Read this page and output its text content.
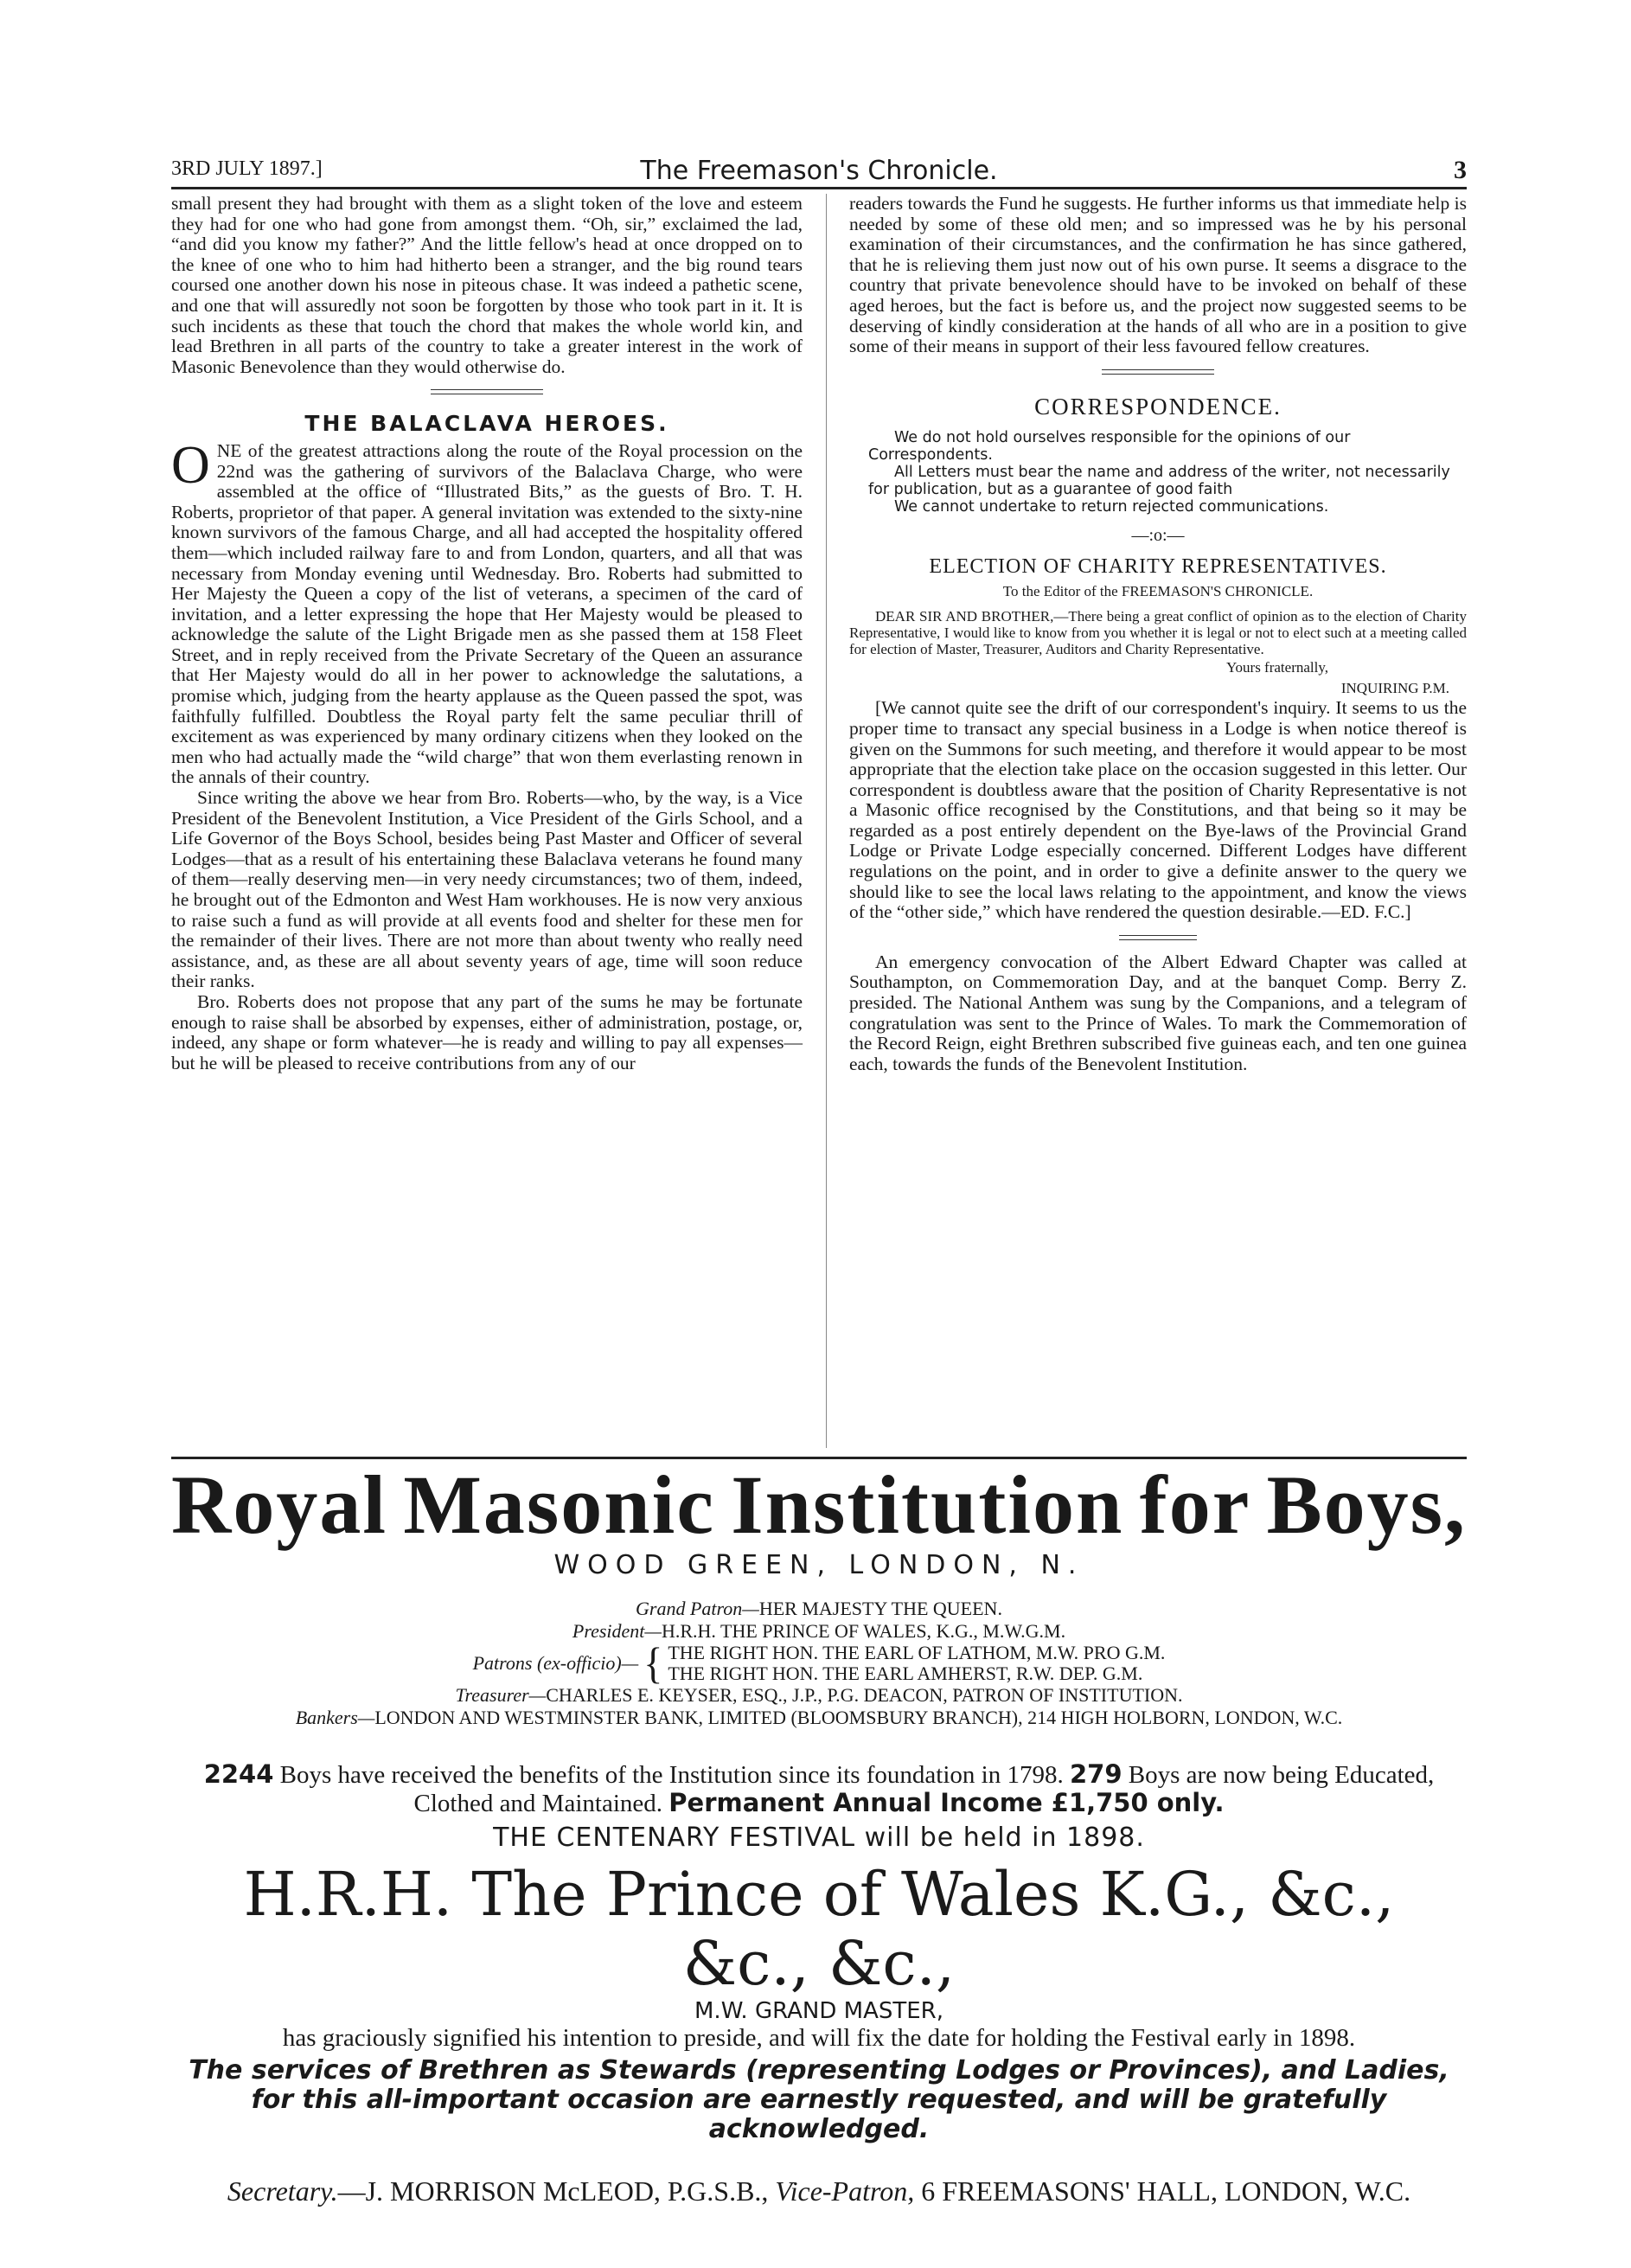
3RD JULY 1897.]	The Freemason's Chronicle.	3

small present they had brought with them as a slight token of the love and esteem they had for one who had gone from amongst them. “Oh, sir,” exclaimed the lad, “and did you know my father?” And the little fellow's head at once dropped on to the knee of one who to him had hitherto been a stranger, and the big round tears coursed one another down his nose in piteous chase. It was indeed a pathetic scene, and one that will assuredly not soon be forgotten by those who took part in it. It is such incidents as these that touch the chord that makes the whole world kin, and lead Brethren in all parts of the country to take a greater interest in the work of Masonic Benevolence than they would otherwise do.

THE BALACLAVA HEROES.

ONE of the greatest attractions along the route of the Royal procession on the 22nd was the gathering of survivors of the Balaclava Charge, who were assembled at the office of “Illustrated Bits,” as the guests of Bro. T. H. Roberts, proprietor of that paper. A general invitation was extended to the sixty-nine known survivors of the famous Charge, and all had accepted the hospitality offered them—which included railway fare to and from London, quarters, and all that was necessary from Monday evening until Wednesday. Bro. Roberts had submitted to Her Majesty the Queen a copy of the list of veterans, a specimen of the card of invitation, and a letter expressing the hope that Her Majesty would be pleased to acknowledge the salute of the Light Brigade men as she passed them at 158 Fleet Street, and in reply received from the Private Secretary of the Queen an assurance that Her Majesty would do all in her power to acknowledge the salutations, a promise which, judging from the hearty applause as the Queen passed the spot, was faithfully fulfilled. Doubtless the Royal party felt the same peculiar thrill of excitement as was experienced by many ordinary citizens when they looked on the men who had actually made the “wild charge” that won them everlasting renown in the annals of their country.

Since writing the above we hear from Bro. Roberts—who, by the way, is a Vice President of the Benevolent Institution, a Vice President of the Girls School, and a Life Governor of the Boys School, besides being Past Master and Officer of several Lodges—that as a result of his entertaining these Balaclava veterans he found many of them—really deserving men—in very needy circumstances; two of them, indeed, he brought out of the Edmonton and West Ham workhouses. He is now very anxious to raise such a fund as will provide at all events food and shelter for these men for the remainder of their lives. There are not more than about twenty who really need assistance, and, as these are all about seventy years of age, time will soon reduce their ranks.

Bro. Roberts does not propose that any part of the sums he may be fortunate enough to raise shall be absorbed by expenses, either of administration, postage, or, indeed, any shape or form whatever—he is ready and willing to pay all expenses—but he will be pleased to receive contributions from any of our

readers towards the Fund he suggests. He further informs us that immediate help is needed by some of these old men; and so impressed was he by his personal examination of their circumstances, and the confirmation he has since gathered, that he is relieving them just now out of his own purse. It seems a disgrace to the country that private benevolence should have to be invoked on behalf of these aged heroes, but the fact is before us, and the project now suggested seems to be deserving of kindly consideration at the hands of all who are in a position to give some of their means in support of their less favoured fellow creatures.

CORRESPONDENCE.

We do not hold ourselves responsible for the opinions of our Correspondents.

All Letters must bear the name and address of the writer, not necessarily for publication, but as a guarantee of good faith

We cannot undertake to return rejected communications.

—:o:—
ELECTION OF CHARITY REPRESENTATIVES.
To the Editor of the FREEMASON'S CHRONICLE.

DEAR SIR AND BROTHER,—There being a great conflict of opinion as to the election of Charity Representative, I would like to know from you whether it is legal or not to elect such at a meeting called for election of Master, Treasurer, Auditors and Charity Representative.

Yours fraternally,

INQUIRING P.M.

[We cannot quite see the drift of our correspondent's inquiry. It seems to us the proper time to transact any special business in a Lodge is when notice thereof is given on the Summons for such meeting, and therefore it would appear to be most appropriate that the election take place on the occasion suggested in this letter. Our correspondent is doubtless aware that the position of Charity Representative is not a Masonic office recognised by the Constitutions, and that being so it may be regarded as a post entirely dependent on the Bye-laws of the Provincial Grand Lodge or Private Lodge especially concerned. Different Lodges have different regulations on the point, and in order to give a definite answer to the query we should like to see the local laws relating to the appointment, and know the views of the “other side,” which have rendered the question desirable.—ED. F.C.]

An emergency convocation of the Albert Edward Chapter was called at Southampton, on Commemoration Day, and at the banquet Comp. Berry Z. presided. The National Anthem was sung by the Companions, and a telegram of congratulation was sent to the Prince of Wales. To mark the Commemoration of the Record Reign, eight Brethren subscribed five guineas each, and ten one guinea each, towards the funds of the Benevolent Institution.

Royal Masonic Institution for Boys,
WOOD GREEN, LONDON, N.

Grand Patron—HER MAJESTY THE QUEEN.

President—H.R.H. THE PRINCE OF WALES, K.G., M.W.G.M.

Patrons (ex-officio)— { THE RIGHT HON. THE EARL OF LATHOM, M.W. PRO G.M.
THE RIGHT HON. THE EARL AMHERST, R.W. DEP. G.M.

Treasurer—CHARLES E. KEYSER, ESQ., J.P., P.G. DEACON, PATRON OF INSTITUTION.

Bankers—LONDON AND WESTMINSTER BANK, LIMITED (BLOOMSBURY BRANCH), 214 HIGH HOLBORN, LONDON, W.C.

2244 Boys have received the benefits of the Institution since its foundation in 1798. 279 Boys are now being Educated, Clothed and Maintained. Permanent Annual Income £1,750 only.

THE CENTENARY FESTIVAL will be held in 1898.

H.R.H. The Prince of Wales K.G., &c., &c., &c.,

M.W. GRAND MASTER,

has graciously signified his intention to preside, and will fix the date for holding the Festival early in 1898.

The services of Brethren as Stewards (representing Lodges or Provinces), and Ladies, for this all-important occasion are earnestly requested, and will be gratefully acknowledged.

Secretary.—J. MORRISON McLEOD, P.G.S.B., Vice-Patron, 6 FREEMASONS' HALL, LONDON, W.C.
